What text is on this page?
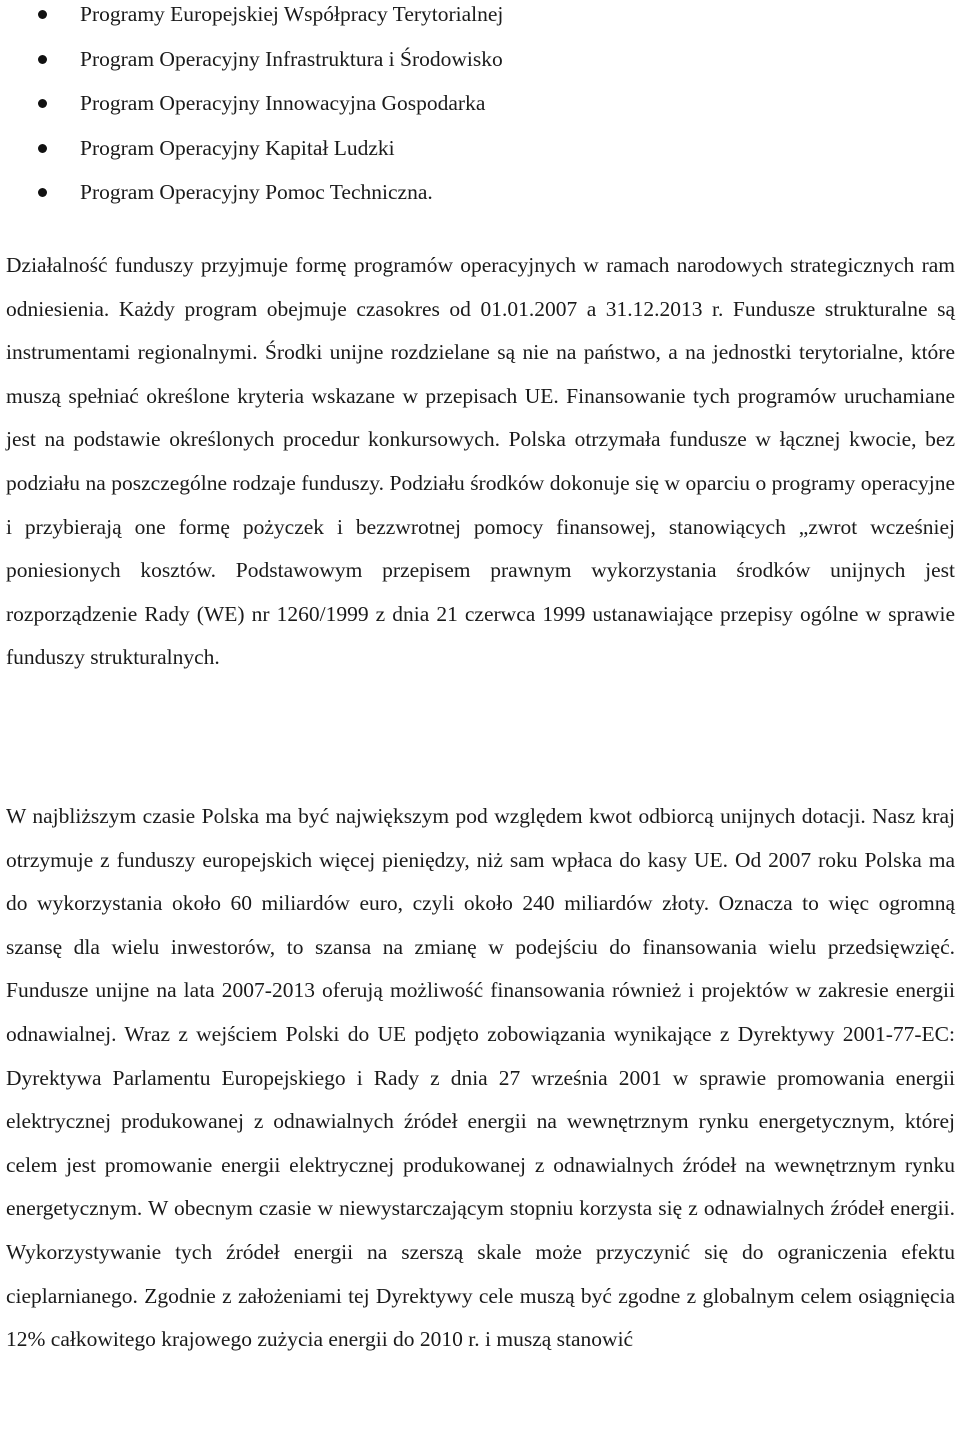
Programy Europejskiej Współpracy Terytorialnej
Program Operacyjny Infrastruktura i Środowisko
Program Operacyjny Innowacyjna Gospodarka
Program Operacyjny Kapitał Ludzki
Program Operacyjny Pomoc Techniczna.

Działalność funduszy przyjmuje formę programów operacyjnych w ramach narodowych strategicznych ram odniesienia. Każdy program obejmuje czasokres od 01.01.2007 a 31.12.2013 r. Fundusze strukturalne są instrumentami regionalnymi. Środki unijne rozdzielane są nie na państwo, a na jednostki terytorialne, które muszą spełniać określone kryteria wskazane w przepisach UE. Finansowanie tych programów uruchamiane jest na podstawie określonych procedur konkursowych. Polska otrzymała fundusze w łącznej kwocie, bez podziału na poszczególne rodzaje funduszy. Podziału środków dokonuje się w oparciu o programy operacyjne i przybierają one formę pożyczek i bezzwrotnej pomocy finansowej, stanowiących „zwrot wcześniej poniesionych kosztów. Podstawowym przepisem prawnym wykorzystania środków unijnych jest rozporządzenie Rady (WE) nr 1260/1999 z dnia 21 czerwca 1999 ustanawiające przepisy ogólne w sprawie funduszy strukturalnych.

W najbliższym czasie Polska ma być największym pod względem kwot odbiorcą unijnych dotacji. Nasz kraj otrzymuje z funduszy europejskich więcej pieniędzy, niż sam wpłaca do kasy UE. Od 2007 roku Polska ma do wykorzystania około 60 miliardów euro, czyli około 240 miliardów złoty. Oznacza to więc ogromną szansę dla wielu inwestorów, to szansa na zmianę w podejściu do finansowania wielu przedsięwzięć. Fundusze unijne na lata 2007-2013 oferują możliwość finansowania również i projektów w zakresie energii odnawialnej. Wraz z wejściem Polski do UE podjęto zobowiązania wynikające z Dyrektywy 2001-77-EC: Dyrektywa Parlamentu Europejskiego i Rady z dnia 27 września 2001 w sprawie promowania energii elektrycznej produkowanej z odnawialnych źródeł energii na wewnętrznym rynku energetycznym, której celem jest promowanie energii elektrycznej produkowanej z odnawialnych źródeł na wewnętrznym rynku energetycznym. W obecnym czasie w niewystarczającym stopniu korzysta się z odnawialnych źródeł energii. Wykorzystywanie tych źródeł energii na szerszą skale może przyczynić się do ograniczenia efektu cieplarnianego. Zgodnie z założeniami tej Dyrektywy cele muszą być zgodne z globalnym celem osiągnięcia 12% całkowitego krajowego zużycia energii do 2010 r. i muszą stanowić
